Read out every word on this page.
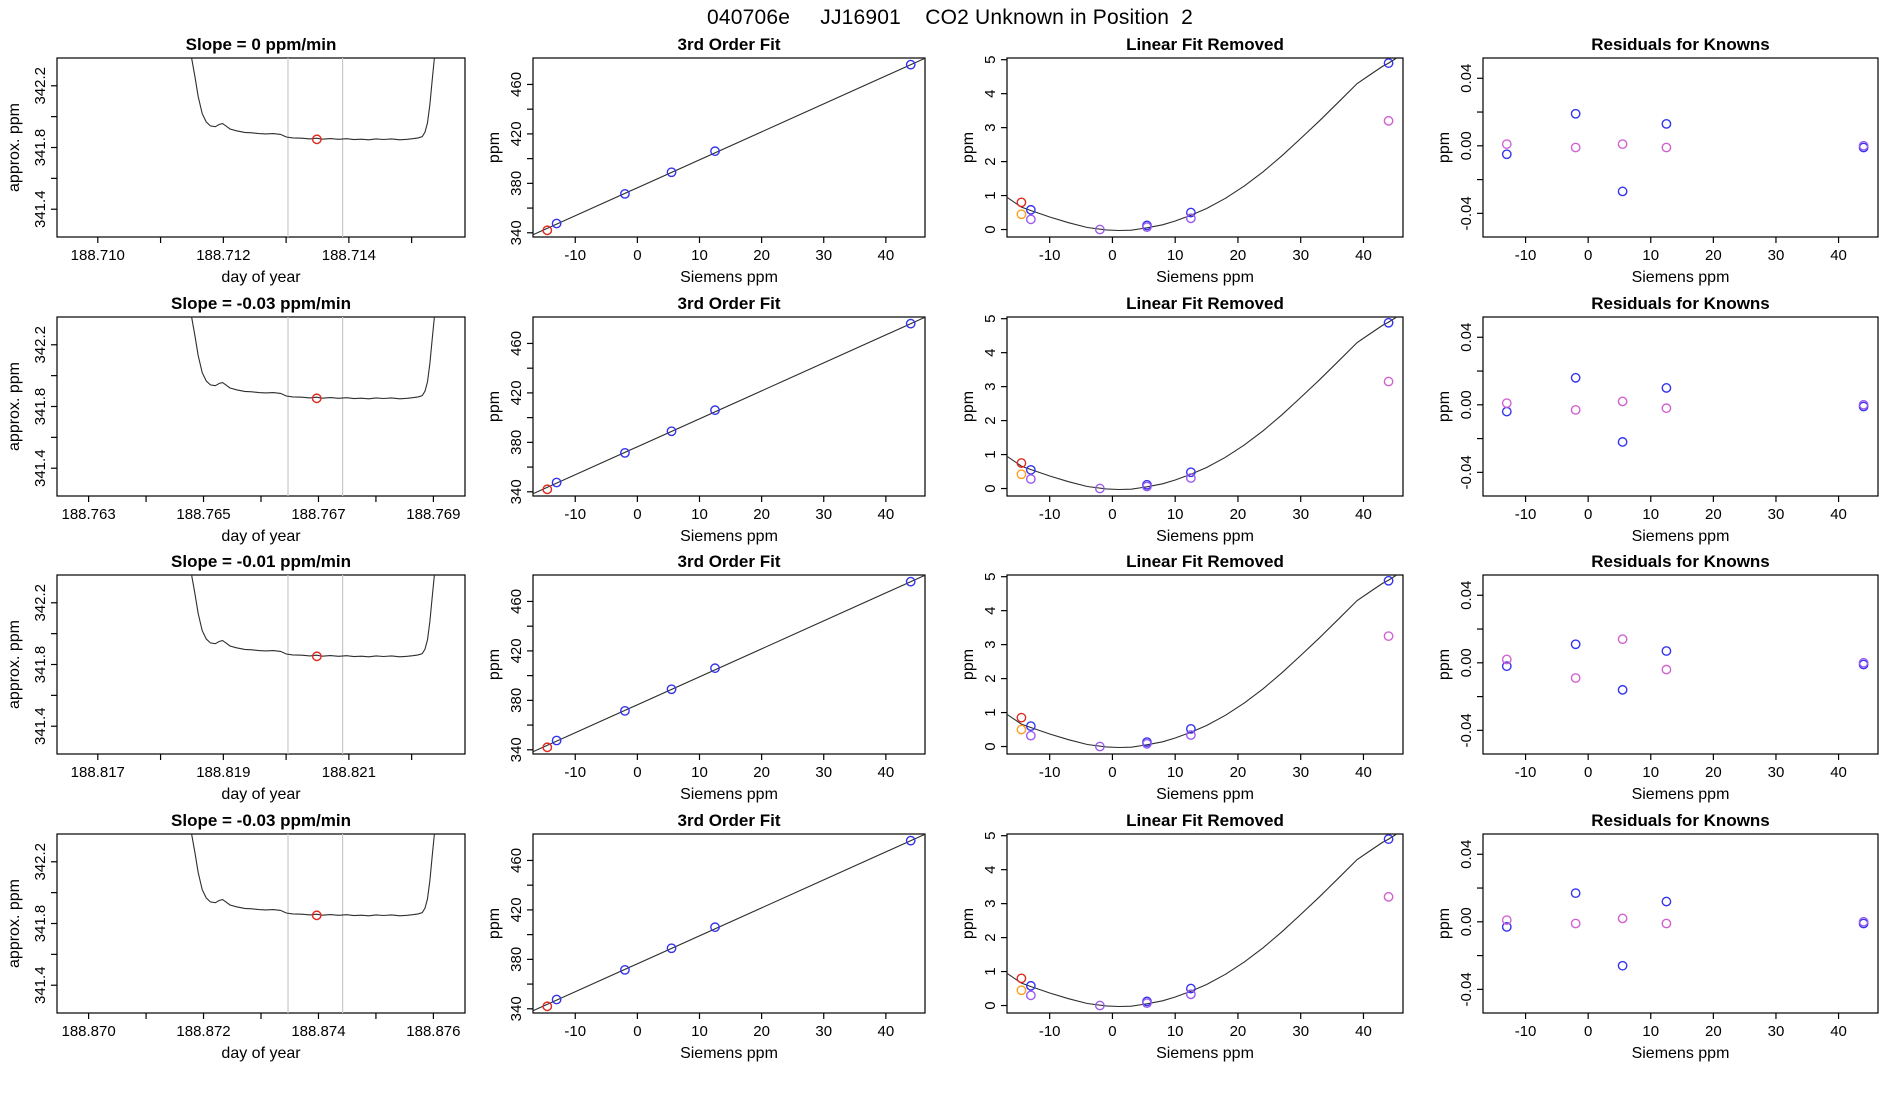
040706e     JJ16901    CO2 Unknown in Position  2
188.710	188.712	188.714
341.4
341.8
342.2
day of year
approx. ppm
Slope = 0 ppm/min
-10	0	10	20	30	40
340
380
420
460
Siemens ppm
ppm
3rd Order Fit
-10	0	10	20	30	40
0
1
2
3
4
5
Siemens ppm
ppm
Linear Fit Removed
-10	0	10	20	30	40
-0.04
0.00
0.04
Siemens ppm
ppm
Residuals for Knowns
188.763	188.765	188.767	188.769
341.4
341.8
342.2
day of year
approx. ppm
Slope = -0.03 ppm/min
-10	0	10	20	30	40
340
380
420
460
Siemens ppm
ppm
3rd Order Fit
-10	0	10	20	30	40
0
1
2
3
4
5
Siemens ppm
ppm
Linear Fit Removed
-10	0	10	20	30	40
-0.04
0.00
0.04
Siemens ppm
ppm
Residuals for Knowns
188.817	188.819	188.821
341.4
341.8
342.2
day of year
approx. ppm
Slope = -0.01 ppm/min
-10	0	10	20	30	40
340
380
420
460
Siemens ppm
ppm
3rd Order Fit
-10	0	10	20	30	40
0
1
2
3
4
5
Siemens ppm
ppm
Linear Fit Removed
-10	0	10	20	30	40
-0.04
0.00
0.04
Siemens ppm
ppm
Residuals for Knowns
188.870	188.872	188.874	188.876
341.4
341.8
342.2
day of year
approx. ppm
Slope = -0.03 ppm/min
-10	0	10	20	30	40
340
380
420
460
Siemens ppm
ppm
3rd Order Fit
-10	0	10	20	30	40
0
1
2
3
4
5
Siemens ppm
ppm
Linear Fit Removed
-10	0	10	20	30	40
-0.04
0.00
0.04
Siemens ppm
ppm
Residuals for Knowns
